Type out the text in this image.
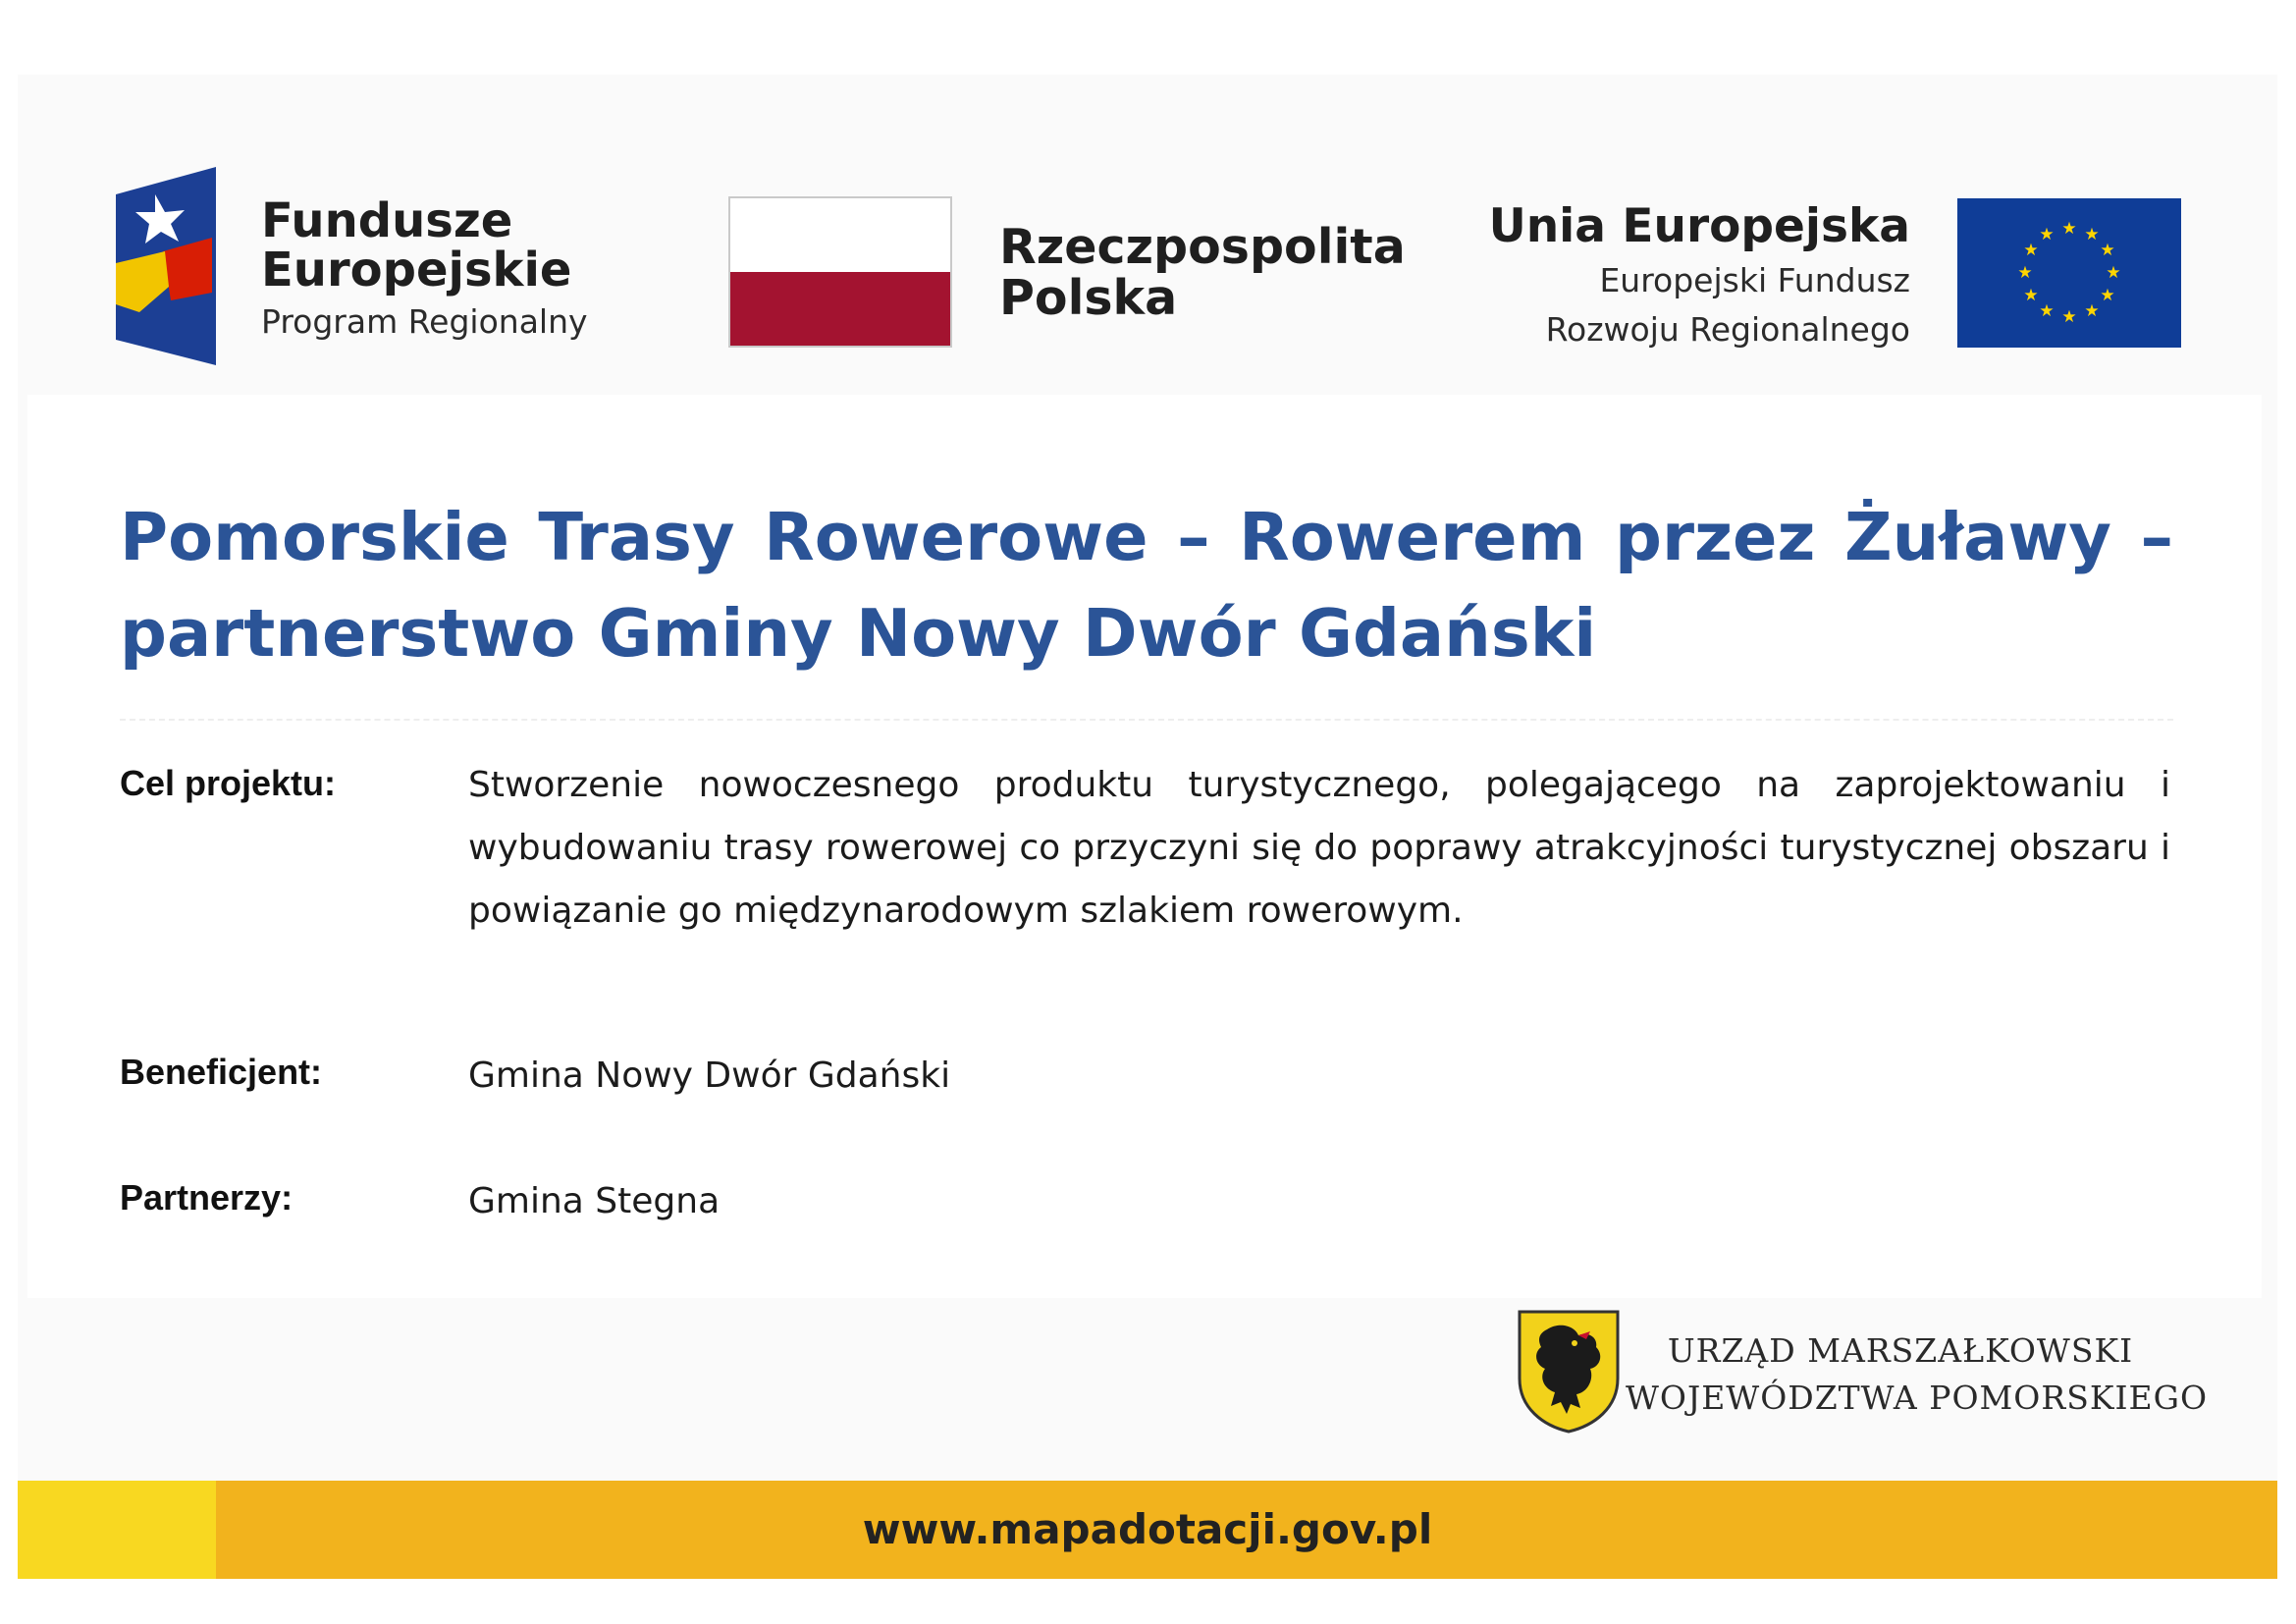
Fundusze
Europejskie
Program Regionalny
Rzeczpospolita
Polska
Unia Europejska
Europejski Fundusz
Rozwoju Regionalnego
★ ★
★
★
★
★
★
★
★
★
★
★
Pomorskie Trasy Rowerowe – Rowerem przez Żuławy – partnerstwo Gminy Nowy Dwór Gdański
Cel projektu:	Stworzenie nowoczesnego produktu turystycznego, polegającego na zaprojektowaniu i wybudowaniu trasy rowerowej co przyczyni się do poprawy atrakcyjności turystycznej obszaru i powiązanie go międzynarodowym szlakiem rowerowym.
Beneficjent:	Gmina Nowy Dwór Gdański
Partnerzy:	Gmina Stegna
URZĄD MARSZAŁKOWSKI
WOJEWÓDZTWA POMORSKIEGO
www.mapadotacji.gov.pl
